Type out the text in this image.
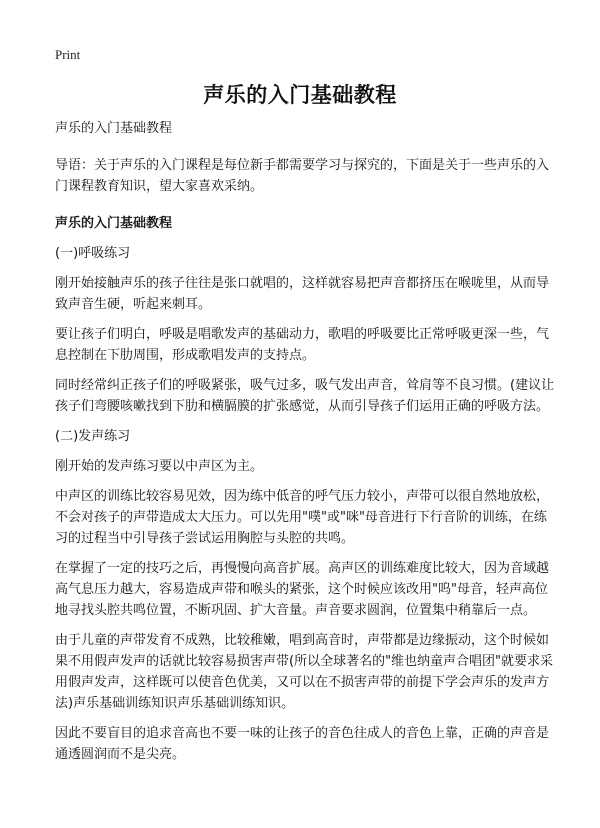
Print
声乐的入门基础教程

声乐的入门基础教程

导语：关于声乐的入门课程是每位新手都需要学习与探究的，下面是关于一些声乐的入门课程教育知识，望大家喜欢采纳。

声乐的入门基础教程

(一)呼吸练习

刚开始接触声乐的孩子往往是张口就唱的，这样就容易把声音都挤压在喉咙里，从而导致声音生硬，听起来刺耳。

要让孩子们明白，呼吸是唱歌发声的基础动力，歌唱的呼吸要比正常呼吸更深一些，气息控制在下肋周围，形成歌唱发声的支持点。

同时经常纠正孩子们的呼吸紧张，吸气过多，吸气发出声音，耸肩等不良习惯。(建议让孩子们弯腰咳嗽找到下肋和横膈膜的扩张感觉，从而引导孩子们运用正确的呼吸方法。

(二)发声练习

刚开始的发声练习要以中声区为主。

中声区的训练比较容易见效，因为练中低音的呼气压力较小，声带可以很自然地放松，不会对孩子的声带造成太大压力。可以先用"噗"或"咪"母音进行下行音阶的训练，在练习的过程当中引导孩子尝试运用胸腔与头腔的共鸣。

在掌握了一定的技巧之后，再慢慢向高音扩展。高声区的训练难度比较大，因为音域越高气息压力越大，容易造成声带和喉头的紧张，这个时候应该改用"呜"母音，轻声高位地寻找头腔共鸣位置，不断巩固、扩大音量。声音要求圆润，位置集中稍靠后一点。

由于儿童的声带发育不成熟，比较稚嫩，唱到高音时，声带都是边缘振动，这个时候如果不用假声发声的话就比较容易损害声带(所以全球著名的"维也纳童声合唱团"就要求采用假声发声，这样既可以使音色优美，又可以在不损害声带的前提下学会声乐的发声方法)声乐基础训练知识声乐基础训练知识。

因此不要盲目的追求音高也不要一味的让孩子的音色往成人的音色上靠，正确的声音是通透圆润而不是尖亮。
